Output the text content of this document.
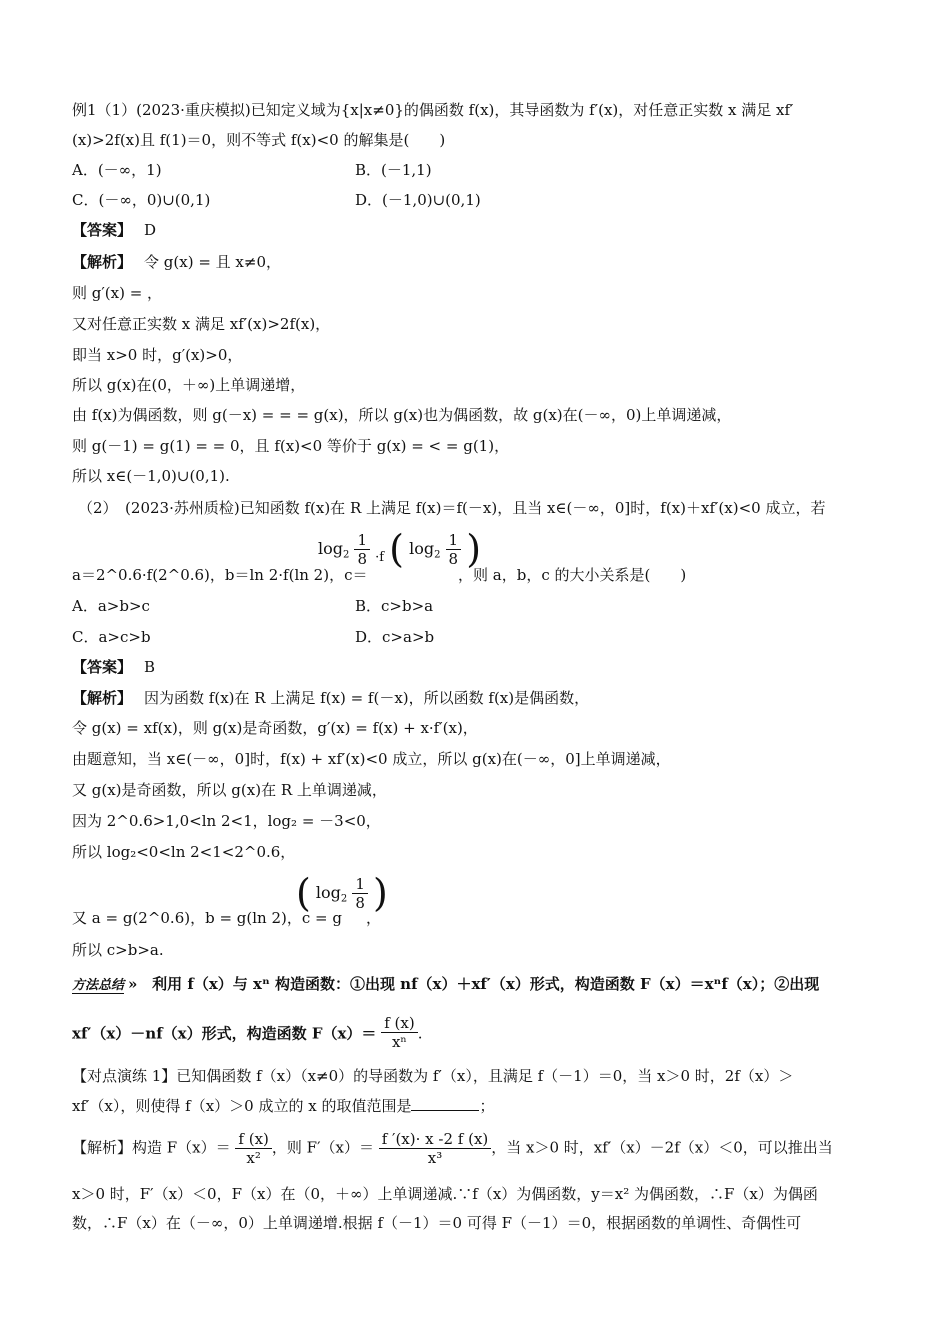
例1（1）(2023·重庆模拟)已知定义域为{x|x≠0}的偶函数 f(x)，其导函数为 f′(x)，对任意正实数 x 满足 xf′
(x)>2f(x)且 f(1)＝0，则不等式 f(x)<0 的解集是(　　)
A．(－∞，1)	B．(－1,1)
C．(－∞，0)∪(0,1)	D．(－1,0)∪(0,1)
【答案】 D
【解析】 令 g(x) = 且 x≠0，
则 g′(x) = ，
又对任意正实数 x 满足 xf′(x)>2f(x)，
即当 x>0 时，g′(x)>0，
所以 g(x)在(0，＋∞)上单调递增，
由 f(x)为偶函数，则 g(－x) = = = g(x)，所以 g(x)也为偶函数，故 g(x)在(－∞，0)上单调递减，
则 g(－1) = g(1) = = 0，且 f(x)<0 等价于 g(x) = < = g(1)，
所以 x∈(－1,0)∪(0,1).
（2）　(2023·苏州质检)已知函数 f(x)在 R 上满足 f(x)＝f(－x)，且当 x∈(－∞，0]时，f(x)＋xf′(x)<0 成立，若
a＝2^0.6·f(2^0.6)，b＝ln 2·f(ln 2)，c＝
$\log_2 \frac{1}{8} \cdot f$ ( $\log_2 \frac{1}{8}$ )
，则 a，b，c 的大小关系是(　　)
A．a>b>c	B．c>b>a
C．a>c>b	D．c>a>b
【答案】 B
【解析】 因为函数 f(x)在 R 上满足 f(x) = f(－x)，所以函数 f(x)是偶函数，
令 g(x) = xf(x)，则 g(x)是奇函数，g′(x) = f(x) + x·f′(x)，
由题意知，当 x∈(－∞，0]时，f(x) + xf′(x)<0 成立，所以 g(x)在(－∞，0]上单调递减，
又 g(x)是奇函数，所以 g(x)在 R 上单调递减，
因为 2^0.6>1,0<ln 2<1，log₂ = －3<0，
所以 log₂<0<ln 2<1<2^0.6，
又 a = g(2^0.6)，b = g(ln 2)，c = g
( $\log_2 \frac{1}{8}$ )
，
所以 c>b>a.
方法总结 » 利用 f（x）与 xⁿ 构造函数：①出现 nf（x）＋xf′（x）形式，构造函数 F（x）＝xⁿf（x）；②出现
xf′（x）－nf（x）形式，构造函数 $F(x)= \frac{f (x)}{\text{xⁿ}}$ .
【对点演练 1】已知偶函数 f（x）（x≠0）的导函数为 f′（x），且满足 f（－1）＝0，当 x＞0 时，2f（x）＞
xf′（x），则使得 f（x）＞0 成立的 x 的取值范围是	；
【解析】构造 $F(x)= \frac{f (x)}{\text{x²}}$ ，则 $F'(x)= \frac{f '(x)\cdot x -2 f (x)}{\text{x³}}$ ，当 x＞0 时，xf′（x）－2f（x）＜0，可以推出当
x＞0 时，F′（x）＜0，F（x）在（0，＋∞）上单调递减.∵f（x）为偶函数，y＝x² 为偶函数，∴F（x）为偶函
数，∴F（x）在（－∞，0）上单调递增.根据 f（－1）＝0 可得 F（－1）＝0，根据函数的单调性、奇偶性可
